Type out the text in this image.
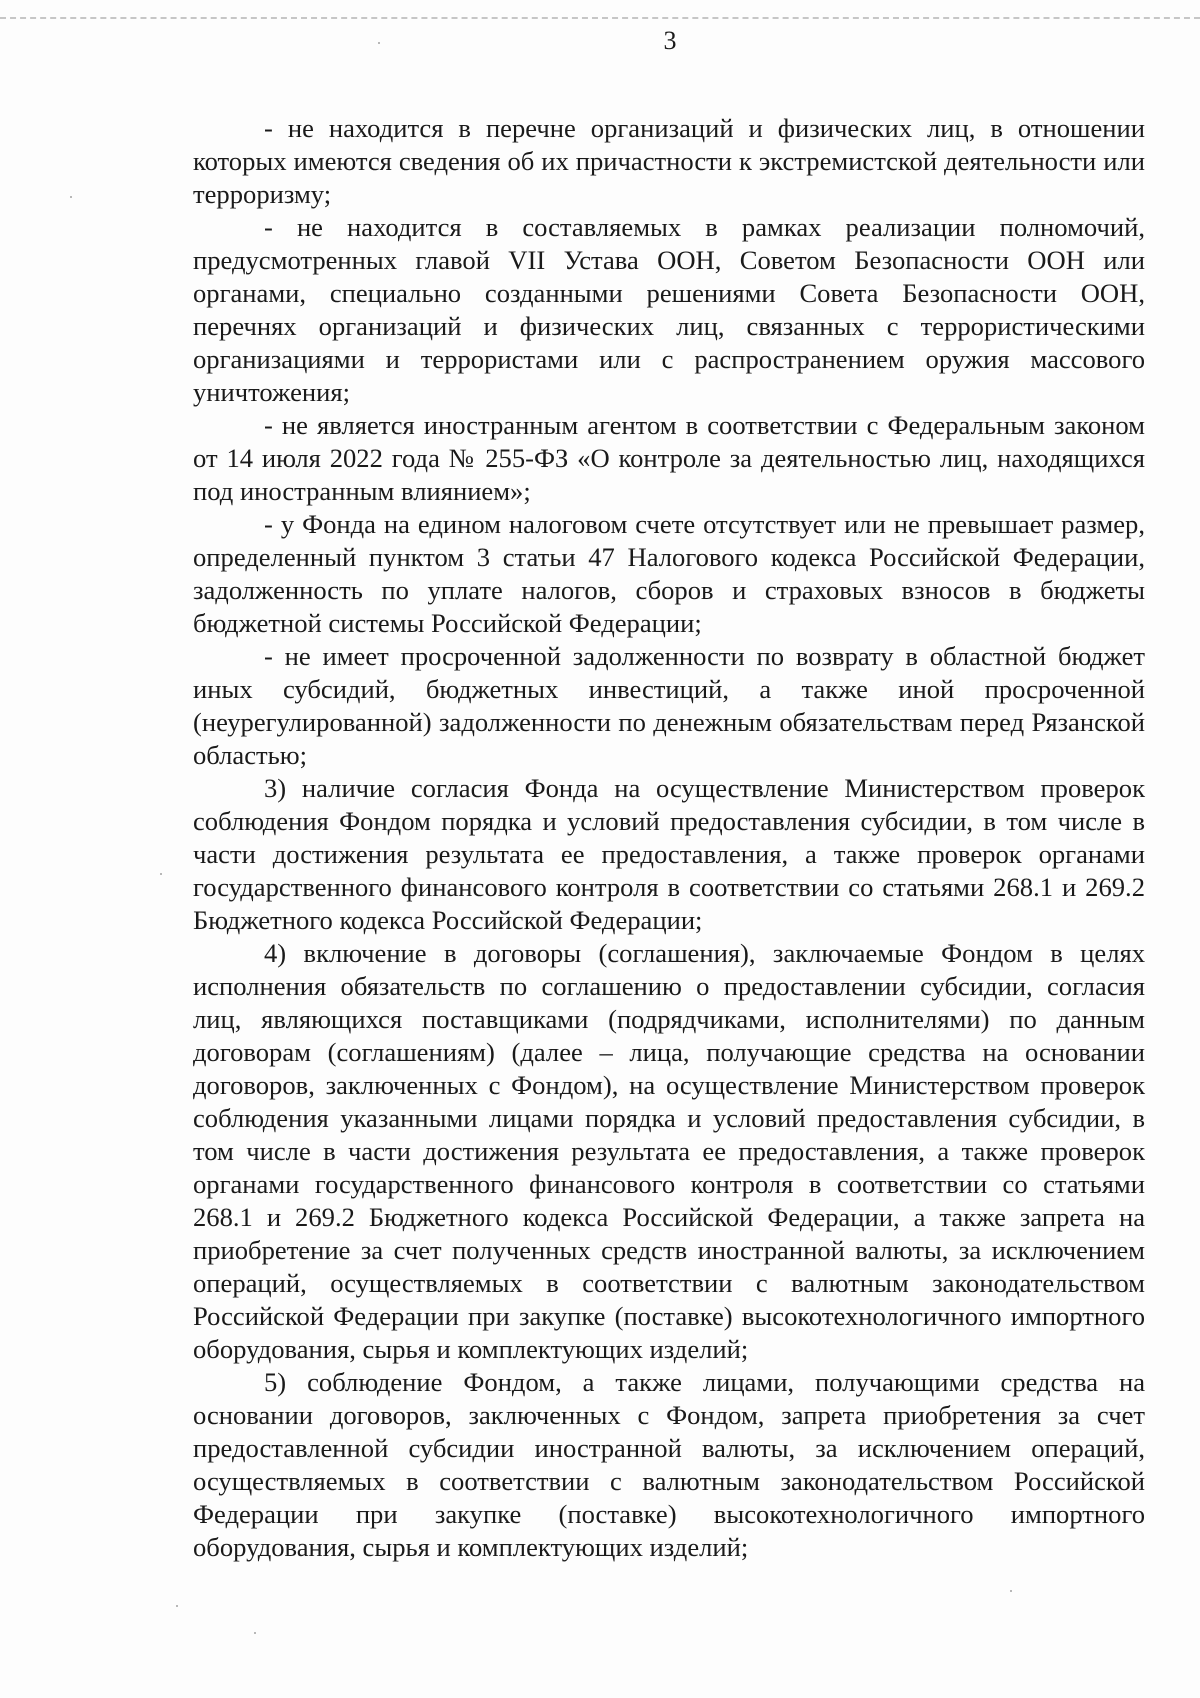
3

- не находится в перечне организаций и физических лиц, в отношении которых имеются сведения об их причастности к экстремистской деятельности или терроризму;

- не находится в составляемых в рамках реализации полномочий, предусмотренных главой VII Устава ООН, Советом Безопасности ООН или органами, специально созданными решениями Совета Безопасности ООН, перечнях организаций и физических лиц, связанных с террористическими организациями и террористами или с распространением оружия массового уничтожения;

- не является иностранным агентом в соответствии с Федеральным законом от 14 июля 2022 года № 255-ФЗ «О контроле за деятельностью лиц, находящихся под иностранным влиянием»;

- у Фонда на едином налоговом счете отсутствует или не превышает размер, определенный пунктом 3 статьи 47 Налогового кодекса Российской Федерации, задолженность по уплате налогов, сборов и страховых взносов в бюджеты бюджетной системы Российской Федерации;

- не имеет просроченной задолженности по возврату в областной бюджет иных субсидий, бюджетных инвестиций, а также иной просроченной (неурегулированной) задолженности по денежным обязательствам перед Рязанской областью;

3) наличие согласия Фонда на осуществление Министерством проверок соблюдения Фондом порядка и условий предоставления субсидии, в том числе в части достижения результата ее предоставления, а также проверок органами государственного финансового контроля в соответствии со статьями 268.1 и 269.2 Бюджетного кодекса Российской Федерации;

4) включение в договоры (соглашения), заключаемые Фондом в целях исполнения обязательств по соглашению о предоставлении субсидии, согласия лиц, являющихся поставщиками (подрядчиками, исполнителями) по данным договорам (соглашениям) (далее – лица, получающие средства на основании договоров, заключенных с Фондом), на осуществление Министерством проверок соблюдения указанными лицами порядка и условий предоставления субсидии, в том числе в части достижения результата ее предоставления, а также проверок органами государственного финансового контроля в соответствии со статьями 268.1 и 269.2 Бюджетного кодекса Российской Федерации, а также запрета на приобретение за счет полученных средств иностранной валюты, за исключением операций, осуществляемых в соответствии с валютным законодательством Российской Федерации при закупке (поставке) высокотехнологичного импортного оборудования, сырья и комплектующих изделий;

5) соблюдение Фондом, а также лицами, получающими средства на основании договоров, заключенных с Фондом, запрета приобретения за счет предоставленной субсидии иностранной валюты, за исключением операций, осуществляемых в соответствии с валютным законодательством Российской Федерации при закупке (поставке) высокотехнологичного импортного оборудования, сырья и комплектующих изделий;
